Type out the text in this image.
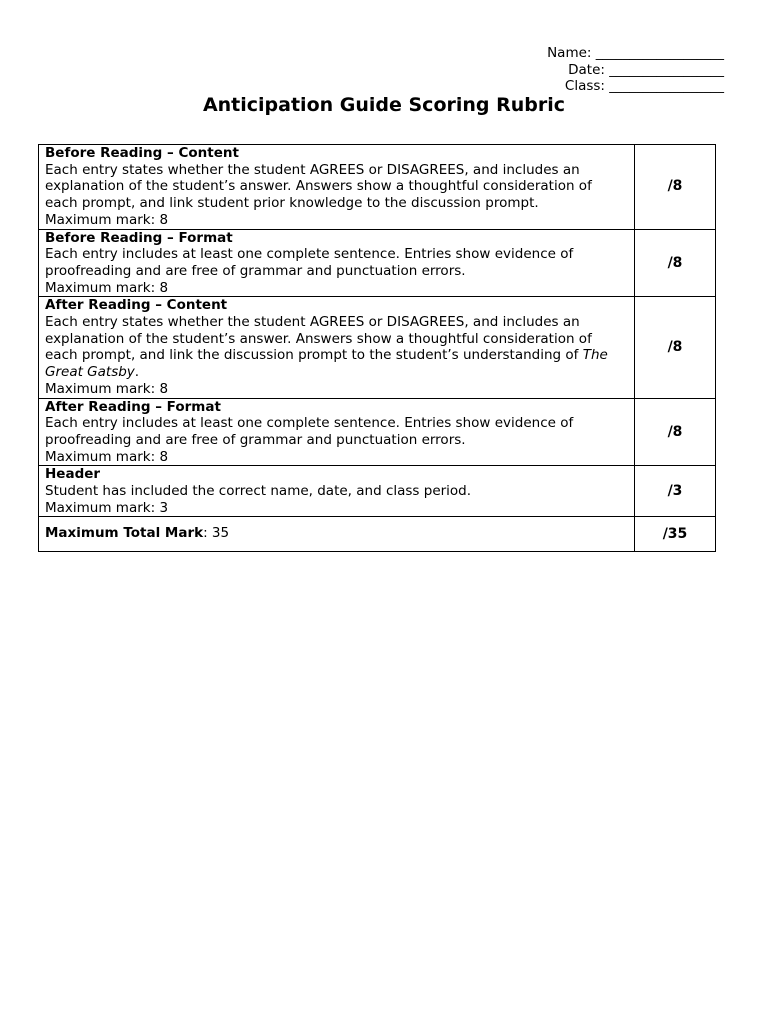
Name: ___________________
Date: _________________
Class: _________________
Anticipation Guide Scoring Rubric
Before Reading – Content
Each entry states whether the student AGREES or DISAGREES, and includes an explanation of the student’s answer. Answers show a thoughtful consideration of each prompt, and link student prior knowledge to the discussion prompt.
Maximum mark: 8	/8

Before Reading – Format
Each entry includes at least one complete sentence. Entries show evidence of proofreading and are free of grammar and punctuation errors.
Maximum mark: 8	/8

After Reading – Content
Each entry states whether the student AGREES or DISAGREES, and includes an explanation of the student’s answer. Answers show a thoughtful consideration of each prompt, and link the discussion prompt to the student’s understanding of The Great Gatsby.
Maximum mark: 8	/8

After Reading – Format
Each entry includes at least one complete sentence. Entries show evidence of proofreading and are free of grammar and punctuation errors.
Maximum mark: 8	/8

Header
Student has included the correct name, date, and class period.
Maximum mark: 3	/3
Maximum Total Mark: 35	/35
